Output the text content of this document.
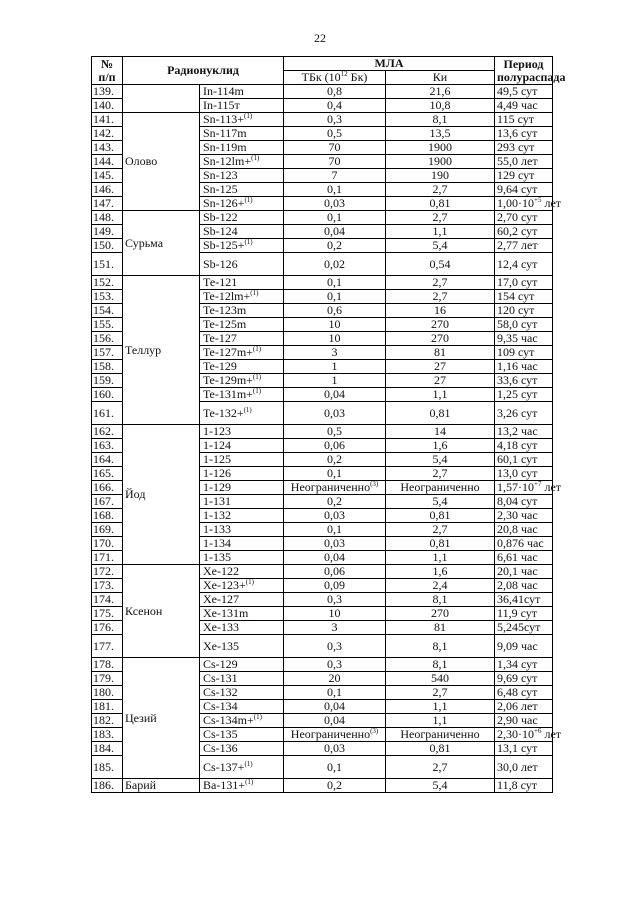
22
№
п/п	Радионуклид		МЛА		Период
полураспада
			ТБк ($10^{12}$ Бк)	Ки	
139.		In-114m	0,8	21,6	49,5 сут
140.		In-115т	0,4	10,8	4,49 час
141.	Олово	Sn-113+$^{(1)}$	0,3	8,1	115 сут
142.		Sn-117m	0,5	13,5	13,6 сут
143.		Sn-119m	70	1900	293 сут
144.		Sn-12lm+$^{(1)}$	70	1900	55,0 лет
145.		Sn-123	7	190	129 сут
146.		Sn-125	0,1	2,7	9,64 сут
147.		Sn-126+$^{(1)}$	0,03	0,81	$1,00\cdot 10^{+5}$ лет
148.	Сурьма	Sb-122	0,1	2,7	2,70 сут
149.		Sb-124	0,04	1,1	60,2 сут
150.		Sb-125+$^{(1)}$	0,2	5,4	2,77 лет
151.		Sb-126	0,02	0,54	12,4 сут
152.	Теллур	Те-121	0,1	2,7	17,0 сут
153.		Te-12lm+$^{(1)}$	0,1	2,7	154 сут
154.		Te-123m	0,6	16	120 сут
155.		Te-125m	10	270	58,0 сут
156.		Te-127	10	270	9,35 час
157.		Te-127m+$^{(1)}$	3	81	109 сут
158.		Te-129	1	27	1,16 час
159.		Te-129m+$^{(1)}$	1	27	33,6 сут
160.		Te-131m+$^{(1)}$	0,04	1,1	1,25 сут
161.		Te-132+$^{(1)}$	0,03	0,81	3,26 сут
162.	Йод	1-123	0,5	14	13,2 час
163.		1-124	0,06	1,6	4,18 сут
164.		1-125	0,2	5,4	60,1 сут
165.		1-126	0,1	2,7	13,0 сут
166.		1-129	Неограниченно$^{(3)}$	Неограниченно	$1,57\cdot 10^{+7}$ лет
167.		1-131	0,2	5,4	8,04 сут
168.		1-132	0,03	0,81	2,30 час
169.		1-133	0,1	2,7	20,8 час
170.		1-134	0,03	0,81	0,876 час
171.		1-135	0,04	1,1	6,61 час
172.	Ксенон	Xe-122	0,06	1,6	20,1 час
173.		Xe-123+$^{(1)}$	0,09	2,4	2,08 час
174.		Xe-127	0,3	8,1	36,41сут
175.		Xe-131m	10	270	11,9 сут
176.		Xe-133	3	81	5,245сут
177.		Xe-135	0,3	8,1	9,09 час
178.	Цезий	Cs-129	0,3	8,1	1,34 сут
179.		Cs-131	20	540	9,69 сут
180.		Cs-132	0,1	2,7	6,48 сут
181.		Cs-134	0,04	1,1	2,06 лет
182.		Cs-134m+$^{(1)}$	0,04	1,1	2,90 час
183.		Cs-135	Неограниченно$^{(3)}$	Неограниченно	$2,30\cdot 10^{+6}$ лет
184.		Cs-136	0,03	0,81	13,1 сут
185.		Cs-137+$^{(1)}$	0,1	2,7	30,0 лет
186.	Барий	Ba-131+$^{(1)}$	0,2	5,4	11,8 сут
